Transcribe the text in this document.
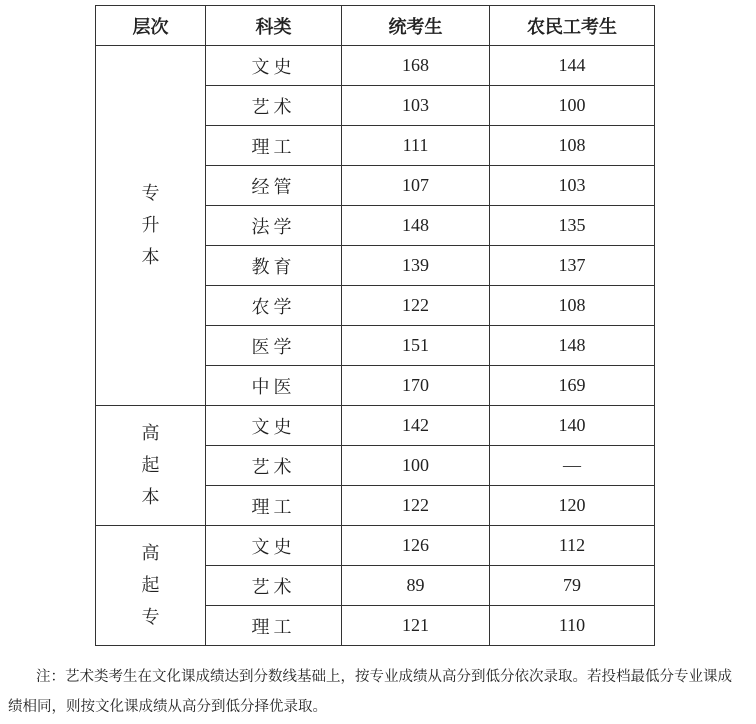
层次	科类	统考生	农民工考生

专
升
本	文史	168	144
	艺术	103	100
	理工	111	108
	经管	107	103
	法学	148	135
	教育	139	137
	农学	122	108
	医学	151	148
	中医	170	169

高
起
本	文史	142	140
	艺术	100	—
	理工	122	120

高
起
专	文史	126	112
	艺术	89	79
	理工	121	110
注：艺术类考生在文化课成绩达到分数线基础上，按专业成绩从高分到低分依次录取。若投档最低分专业课成绩相同，则按文化课成绩从高分到低分择优录取。
